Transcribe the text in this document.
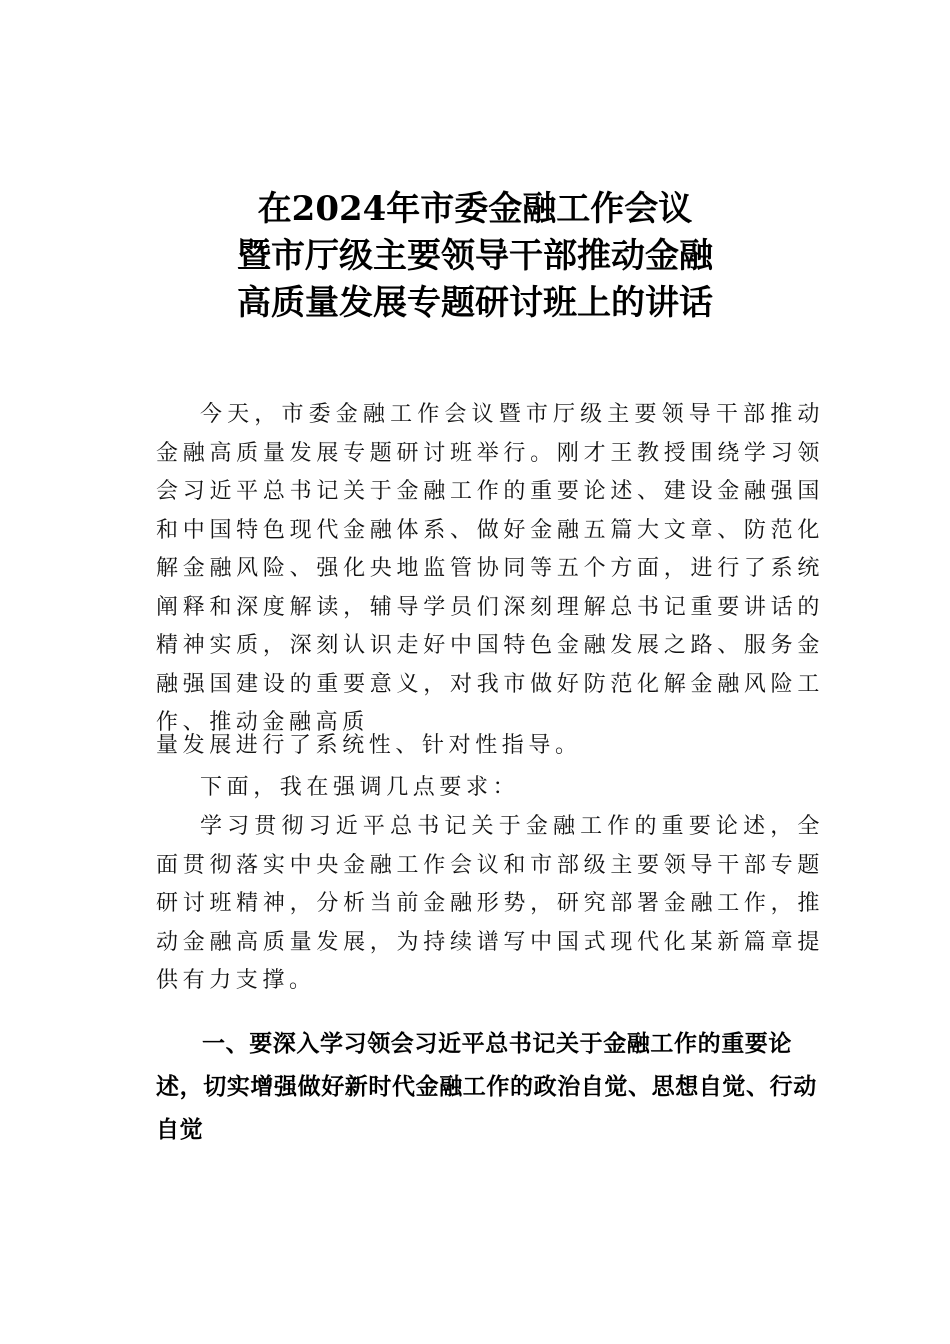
在2024年市委金融工作会议
暨市厅级主要领导干部推动金融
高质量发展专题研讨班上的讲话

今天，市委金融工作会议暨市厅级主要领导干部推动金融高质量发展专题研讨班举行。刚才王教授围绕学习领会习近平总书记关于金融工作的重要论述、建设金融强国和中国特色现代金融体系、做好金融五篇大文章、防范化解金融风险、强化央地监管协同等五个方面，进行了系统阐释和深度解读，辅导学员们深刻理解总书记重要讲话的精神实质，深刻认识走好中国特色金融发展之路、服务金融强国建设的重要意义，对我市做好防范化解金融风险工作、推动金融高质

量发展进行了系统性、针对性指导。

下面，我在强调几点要求：

学习贯彻习近平总书记关于金融工作的重要论述，全面贯彻落实中央金融工作会议和市部级主要领导干部专题研讨班精神，分析当前金融形势，研究部署金融工作，推动金融高质量发展，为持续谱写中国式现代化某新篇章提供有力支撑。

一、要深入学习领会习近平总书记关于金融工作的重要论述，切实增强做好新时代金融工作的政治自觉、思想自觉、行动自觉
